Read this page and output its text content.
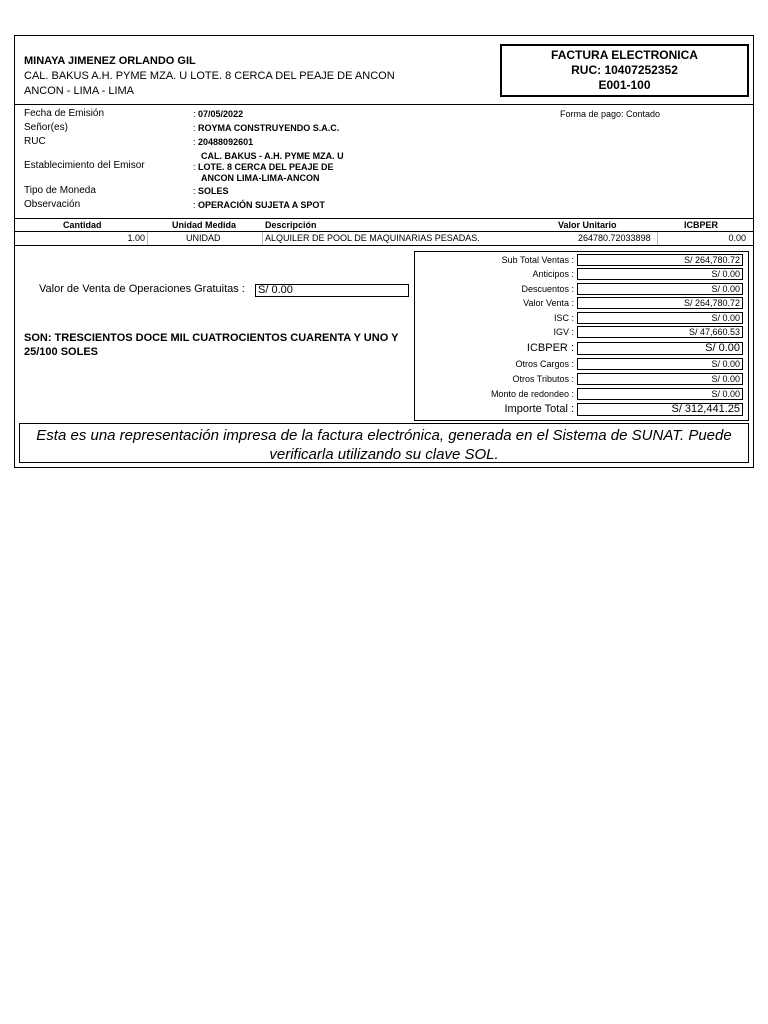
MINAYA JIMENEZ ORLANDO GIL
CAL. BAKUS A.H. PYME MZA. U LOTE. 8 CERCA DEL PEAJE DE ANCON
ANCON - LIMA - LIMA
FACTURA ELECTRONICA
RUC: 10407252352
E001-100
Fecha de Emisión	: 07/05/2022	Forma de pago: Contado
Señor(es)	: ROYMA CONSTRUYENDO S.A.C.
RUC	: 20488092601
CAL. BAKUS - A.H. PYME MZA. U
Establecimiento del Emisor	: LOTE. 8 CERCA DEL PEAJE DE
ANCON LIMA-LIMA-ANCON
Tipo de Moneda	: SOLES
Observación	: OPERACIÓN SUJETA A SPOT
Cantidad	Unidad Medida	Descripción	Valor Unitario	ICBPER
1.00	UNIDAD	ALQUILER DE POOL DE MAQUINARIAS PESADAS.	264780.72033898	0.00
Valor de Venta de Operaciones Gratuitas : S/ 0.00
SON: TRESCIENTOS DOCE MIL CUATROCIENTOS CUARENTA Y UNO Y 25/100 SOLES
Sub Total Ventas :	S/ 264,780.72
Anticipos :	S/ 0.00
Descuentos :	S/ 0.00
Valor Venta :	S/ 264,780.72
ISC :	S/ 0.00
IGV :	S/ 47,660.53
ICBPER :	S/ 0.00
Otros Cargos :	S/ 0.00
Otros Tributos :	S/ 0.00
Monto de redondeo :	S/ 0.00
Importe Total :	S/ 312,441.25
Esta es una representación impresa de la factura electrónica, generada en el Sistema de SUNAT. Puede verificarla utilizando su clave SOL.
